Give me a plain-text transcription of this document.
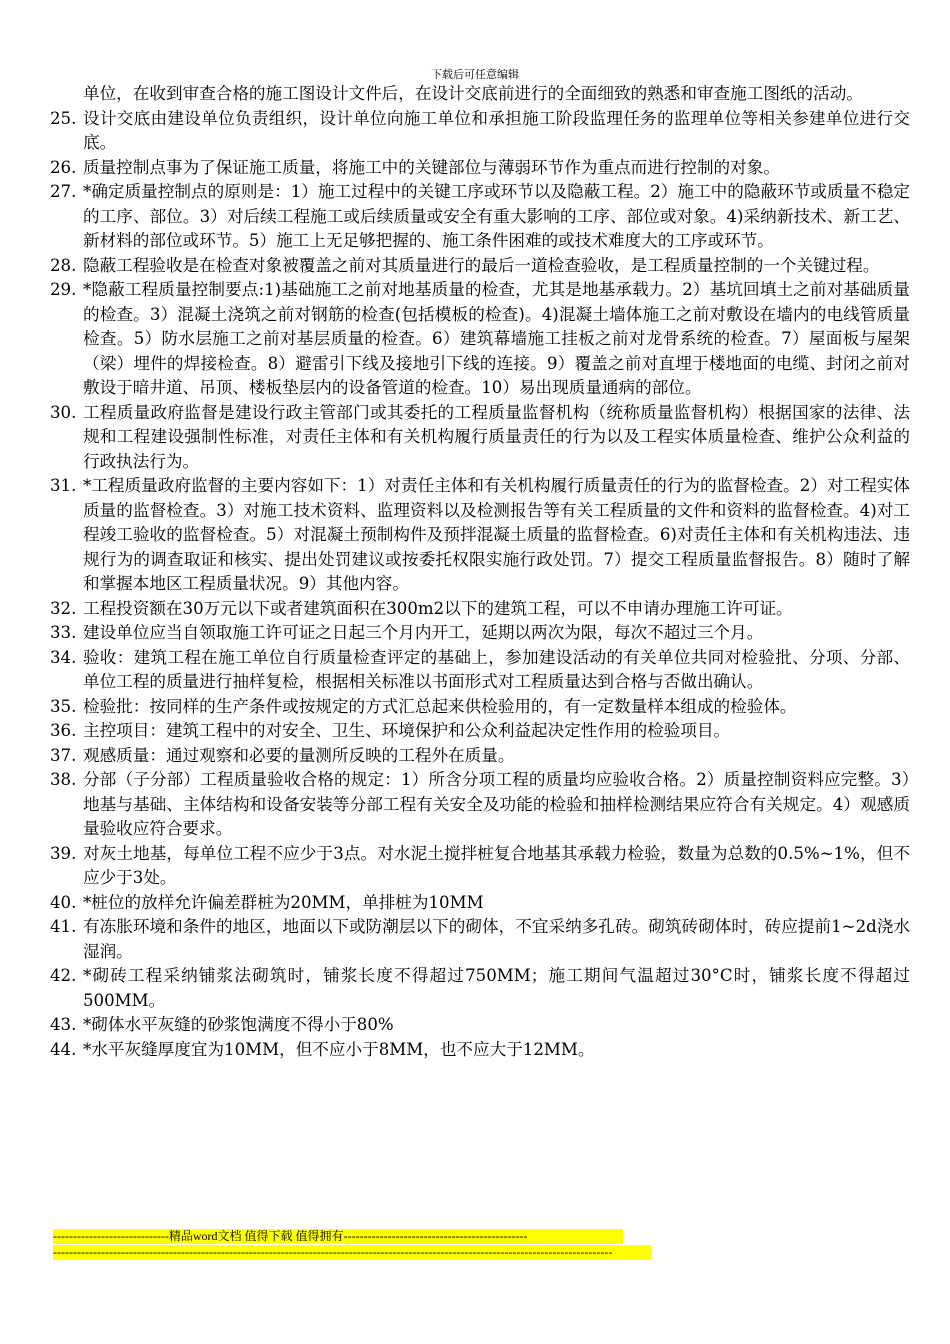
下载后可任意编辑
单位，在收到审查合格的施工图设计文件后，在设计交底前进行的全面细致的熟悉和审查施工图纸的活动。
25. 设计交底由建设单位负责组织，设计单位向施工单位和承担施工阶段监理任务的监理单位等相关参建单位进行交底。
26. 质量控制点事为了保证施工质量，将施工中的关键部位与薄弱环节作为重点而进行控制的对象。
27. *确定质量控制点的原则是：1）施工过程中的关键工序或环节以及隐蔽工程。2）施工中的隐蔽环节或质量不稳定的工序、部位。3）对后续工程施工或后续质量或安全有重大影响的工序、部位或对象。4)采纳新技术、新工艺、新材料的部位或环节。5）施工上无足够把握的、施工条件困难的或技术难度大的工序或环节。
28. 隐蔽工程验收是在检查对象被覆盖之前对其质量进行的最后一道检查验收，是工程质量控制的一个关键过程。
29. *隐蔽工程质量控制要点:1)基础施工之前对地基质量的检查，尤其是地基承载力。2）基坑回填土之前对基础质量的检查。3）混凝土浇筑之前对钢筋的检查(包括模板的检查)。4)混凝土墙体施工之前对敷设在墙内的电线管质量检查。5）防水层施工之前对基层质量的检查。6）建筑幕墙施工挂板之前对龙骨系统的检查。7）屋面板与屋架（梁）埋件的焊接检查。8）避雷引下线及接地引下线的连接。9）覆盖之前对直埋于楼地面的电缆、封闭之前对敷设于暗井道、吊顶、楼板垫层内的设备管道的检查。10）易出现质量通病的部位。
30. 工程质量政府监督是建设行政主管部门或其委托的工程质量监督机构（统称质量监督机构）根据国家的法律、法规和工程建设强制性标准，对责任主体和有关机构履行质量责任的行为以及工程实体质量检查、维护公众利益的行政执法行为。
31. *工程质量政府监督的主要内容如下：1）对责任主体和有关机构履行质量责任的行为的监督检查。2）对工程实体质量的监督检查。3）对施工技术资料、监理资料以及检测报告等有关工程质量的文件和资料的监督检查。4)对工程竣工验收的监督检查。5）对混凝土预制构件及预拌混凝土质量的监督检查。6)对责任主体和有关机构违法、违规行为的调查取证和核实、提出处罚建议或按委托权限实施行政处罚。7）提交工程质量监督报告。8）随时了解和掌握本地区工程质量状况。9）其他内容。
32. 工程投资额在30万元以下或者建筑面积在300m2以下的建筑工程，可以不申请办理施工许可证。
33. 建设单位应当自领取施工许可证之日起三个月内开工，延期以两次为限，每次不超过三个月。
34. 验收：建筑工程在施工单位自行质量检查评定的基础上，参加建设活动的有关单位共同对检验批、分项、分部、单位工程的质量进行抽样复检，根据相关标准以书面形式对工程质量达到合格与否做出确认。
35. 检验批：按同样的生产条件或按规定的方式汇总起来供检验用的，有一定数量样本组成的检验体。
36. 主控项目：建筑工程中的对安全、卫生、环境保护和公众利益起决定性作用的检验项目。
37. 观感质量：通过观察和必要的量测所反映的工程外在质量。
38. 分部（子分部）工程质量验收合格的规定：1）所含分项工程的质量均应验收合格。2）质量控制资料应完整。3）地基与基础、主体结构和设备安装等分部工程有关安全及功能的检验和抽样检测结果应符合有关规定。4）观感质量验收应符合要求。
39. 对灰土地基，每单位工程不应少于3点。对水泥土搅拌桩复合地基其承载力检验，数量为总数的0.5%~1%，但不应少于3处。
40. *桩位的放样允许偏差群桩为20MM，单排桩为10MM
41. 有冻胀环境和条件的地区，地面以下或防潮层以下的砌体，不宜采纳多孔砖。砌筑砖砌体时，砖应提前1~2d浇水湿润。
42. *砌砖工程采纳铺浆法砌筑时，铺浆长度不得超过750MM；施工期间气温超过30°C时，铺浆长度不得超过500MM。
43. *砌体水平灰缝的砂浆饱满度不得小于80%
44. *水平灰缝厚度宜为10MM，但不应小于8MM，也不应大于12MM。
-----------------------------精品word文档 值得下载 值得拥有----------------------------------------------
--------------------------------------------------------------------------------------------------------------------------------------------
